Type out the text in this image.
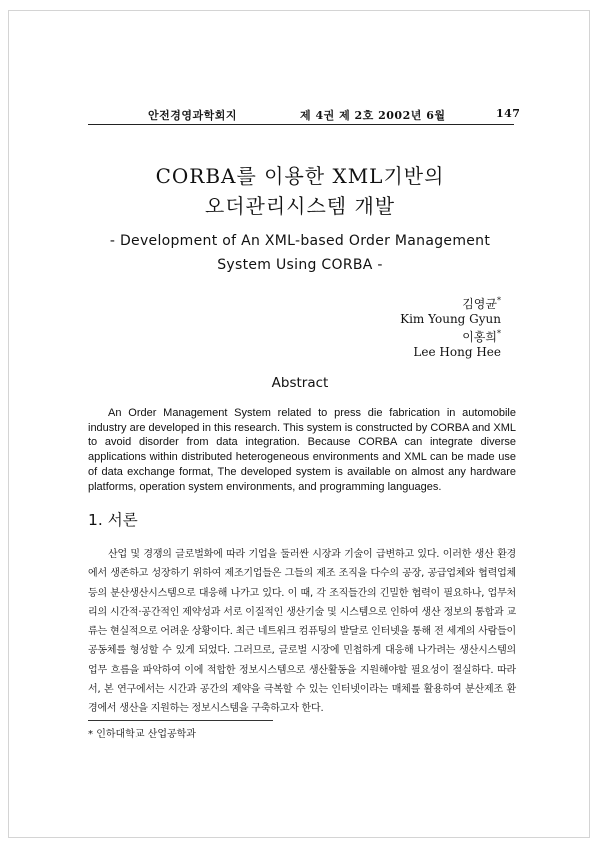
안전경영과학회지	제 4권 제 2호 2002년 6월	147
CORBA를 이용한 XML기반의
오더관리시스템 개발
- Development of An XML-based Order Management
System Using CORBA -
김영균*
Kim Young Gyun
이홍희*
Lee Hong Hee
Abstract

An Order Management System related to press die fabrication in automobile industry are developed in this research. This system is constructed by CORBA and XML to avoid disorder from data integration. Because CORBA can integrate diverse applications within distributed heterogeneous environments and XML can be made use of data exchange format, The developed system is available on almost any hardware platforms, operation system environments, and programming languages.

1. 서론

산업 및 경쟁의 글로벌화에 따라 기업을 둘러싼 시장과 기술이 급변하고 있다. 이러한 생산 환경에서 생존하고 성장하기 위하여 제조기업들은 그들의 제조 조직을 다수의 공장, 공급업체와 협력업체 등의 분산생산시스템으로 대응해 나가고 있다. 이 때, 각 조직들간의 긴밀한 협력이 필요하나, 업무처리의 시간적·공간적인 제약성과 서로 이질적인 생산기술 및 시스템으로 인하여 생산 정보의 통합과 교류는 현실적으로 어려운 상황이다. 최근 네트워크 컴퓨팅의 발달로 인터넷을 통해 전 세계의 사람들이 공동체를 형성할 수 있게 되었다. 그러므로, 글로벌 시장에 민첩하게 대응해 나가려는 생산시스템의 업무 흐름을 파악하여 이에 적합한 정보시스템으로 생산활동을 지원해야할 필요성이 절실하다. 따라서, 본 연구에서는 시간과 공간의 제약을 극복할 수 있는 인터넷이라는 매체를 활용하여 분산제조 환경에서 생산을 지원하는 정보시스템을 구축하고자 한다.

* 인하대학교 산업공학과
